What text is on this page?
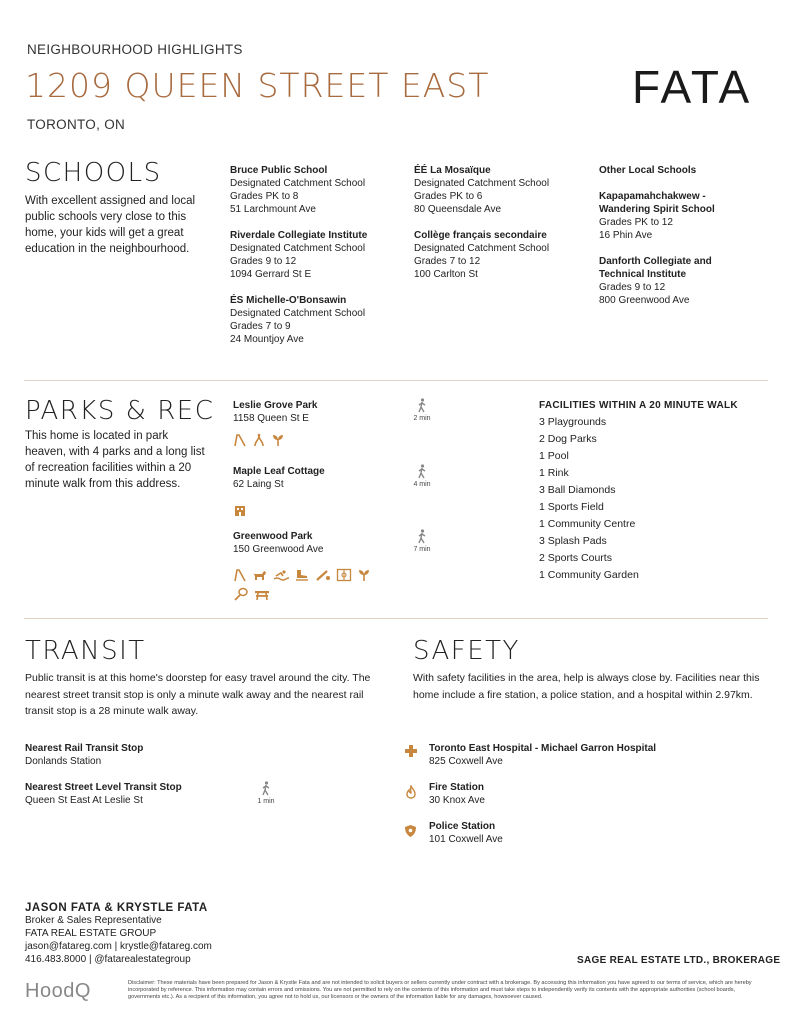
NEIGHBOURHOOD HIGHLIGHTS
1209 QUEEN STREET EAST
TORONTO, ON
FATA
SCHOOLS
With excellent assigned and local public schools very close to this home, your kids will get a great education in the neighbourhood.
Bruce Public School
Designated Catchment School
Grades PK to 8
51 Larchmount Ave
Riverdale Collegiate Institute
Designated Catchment School
Grades 9 to 12
1094 Gerrard St E
ÉS Michelle-O'Bonsawin
Designated Catchment School
Grades 7 to 9
24 Mountjoy Ave
ÉÉ La Mosaïque
Designated Catchment School
Grades PK to 6
80 Queensdale Ave
Collège français secondaire
Designated Catchment School
Grades 7 to 12
100 Carlton St
Other Local Schools
Kapapamahchakwew -
Wandering Spirit School
Grades PK to 12
16 Phin Ave
Danforth Collegiate and
Technical Institute
Grades 9 to 12
800 Greenwood Ave
PARKS & REC
This home is located in park heaven, with 4 parks and a long list of recreation facilities within a 20 minute walk from this address.
Leslie Grove Park
1158 Queen St E	2 min
Maple Leaf Cottage
62 Laing St	4 min
Greenwood Park
150 Greenwood Ave	7 min
FACILITIES WITHIN A 20 MINUTE WALK
3 Playgrounds
2 Dog Parks
1 Pool
1 Rink
3 Ball Diamonds
1 Sports Field
1 Community Centre
3 Splash Pads
2 Sports Courts
1 Community Garden
TRANSIT
Public transit is at this home's doorstep for easy travel around the city. The nearest street transit stop is only a minute walk away and the nearest rail transit stop is a 28 minute walk away.
Nearest Rail Transit Stop
Donlands Station
Nearest Street Level Transit Stop
Queen St East At Leslie St	1 min
SAFETY
With safety facilities in the area, help is always close by. Facilities near this home include a fire station, a police station, and a hospital within 2.97km.
Toronto East Hospital - Michael Garron Hospital
825 Coxwell Ave
Fire Station
30 Knox Ave
Police Station
101 Coxwell Ave
JASON FATA & KRYSTLE FATA
Broker & Sales Representative
FATA REAL ESTATE GROUP
jason@fatareg.com | krystle@fatareg.com
416.483.8000 | @fatarealestategroup	SAGE REAL ESTATE LTD., BROKERAGE
HoodQ	Disclaimer: These materials have been prepared for Jason & Krystle Fata and are not intended to solicit buyers or sellers currently under contract with a brokerage. By accessing this information you have agreed to our terms of service, which are hereby incorporated by reference. This information may contain errors and omissions. You are not permitted to rely on the contents of this information and must take steps to independently verify its contents with the appropriate authorities (school boards, governments etc.). As a recipient of this information, you agree not to hold us, our licensors or the owners of the information liable for any damages, howsoever caused.
